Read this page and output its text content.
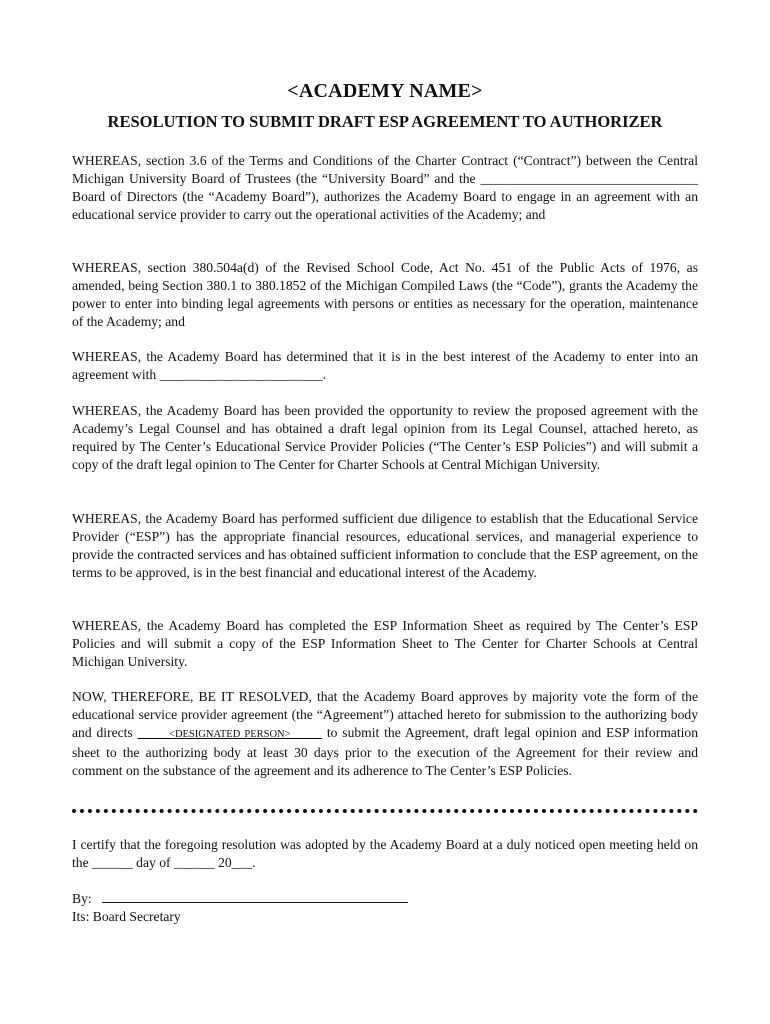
<ACADEMY NAME>
RESOLUTION TO SUBMIT DRAFT ESP AGREEMENT TO AUTHORIZER
WHEREAS, section 3.6 of the Terms and Conditions of the Charter Contract (“Contract”) between the Central Michigan University Board of Trustees (the “University Board” and the ________________________________ Board of Directors (the “Academy Board”), authorizes the Academy Board to engage in an agreement with an educational service provider to carry out the operational activities of the Academy; and
WHEREAS, section 380.504a(d) of the Revised School Code, Act No. 451 of the Public Acts of 1976, as amended, being Section 380.1 to 380.1852 of the Michigan Compiled Laws (the “Code”), grants the Academy the power to enter into binding legal agreements with persons or entities as necessary for the operation, maintenance of the Academy; and
WHEREAS, the Academy Board has determined that it is in the best interest of the Academy to enter into an agreement with ________________________.
WHEREAS, the Academy Board has been provided the opportunity to review the proposed agreement with the Academy’s Legal Counsel and has obtained a draft legal opinion from its Legal Counsel, attached hereto, as required by The Center’s Educational Service Provider Policies (“The Center’s ESP Policies”) and will submit a copy of the draft legal opinion to The Center for Charter Schools at Central Michigan University.
WHEREAS, the Academy Board has performed sufficient due diligence to establish that the Educational Service Provider (“ESP”) has the appropriate financial resources, educational services, and managerial experience to provide the contracted services and has obtained sufficient information to conclude that the ESP agreement, on the terms to be approved, is in the best financial and educational interest of the Academy.
WHEREAS, the Academy Board has completed the ESP Information Sheet as required by The Center’s ESP Policies and will submit a copy of the ESP Information Sheet to The Center for Charter Schools at Central Michigan University.
NOW, THEREFORE, BE IT RESOLVED, that the Academy Board approves by majority vote the form of the educational service provider agreement (the “Agreement”) attached hereto for submission to the authorizing body and directs ______<DESIGNATED PERSON>______ to submit the Agreement, draft legal opinion and ESP information sheet to the authorizing body at least 30 days prior to the execution of the Agreement for their review and comment on the substance of the agreement and its adherence to The Center’s ESP Policies.
I certify that the foregoing resolution was adopted by the Academy Board at a duly noticed open meeting held on the ______ day of ______ 20___.
By:
Its: Board Secretary
